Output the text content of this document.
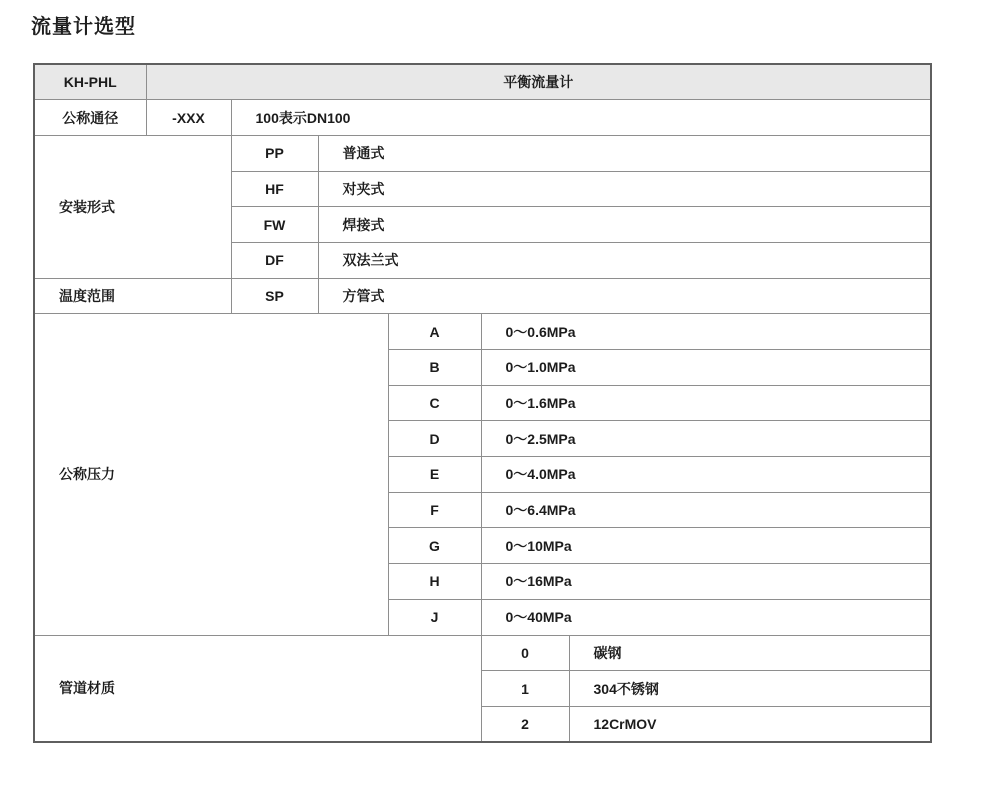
流量计选型
KH-PHL	平衡流量计					
公称通径	-XXX	100表示DN100				
安装形式		PP	普通式			
		HF	对夹式			
		FW	焊接式			
		DF	双法兰式			
温度范围		SP	方管式			
公称压力				A	0～0.6MPa	
				B	0～1.0MPa	
				C	0～1.6MPa	
				D	0～2.5MPa	
				E	0～4.0MPa	
				F	0～6.4MPa	
				G	0～10MPa	
				H	0～16MPa	
				J	0～40MPa	
管道材质					0	碳钢
					1	304不锈钢
					2	12CrMOV
